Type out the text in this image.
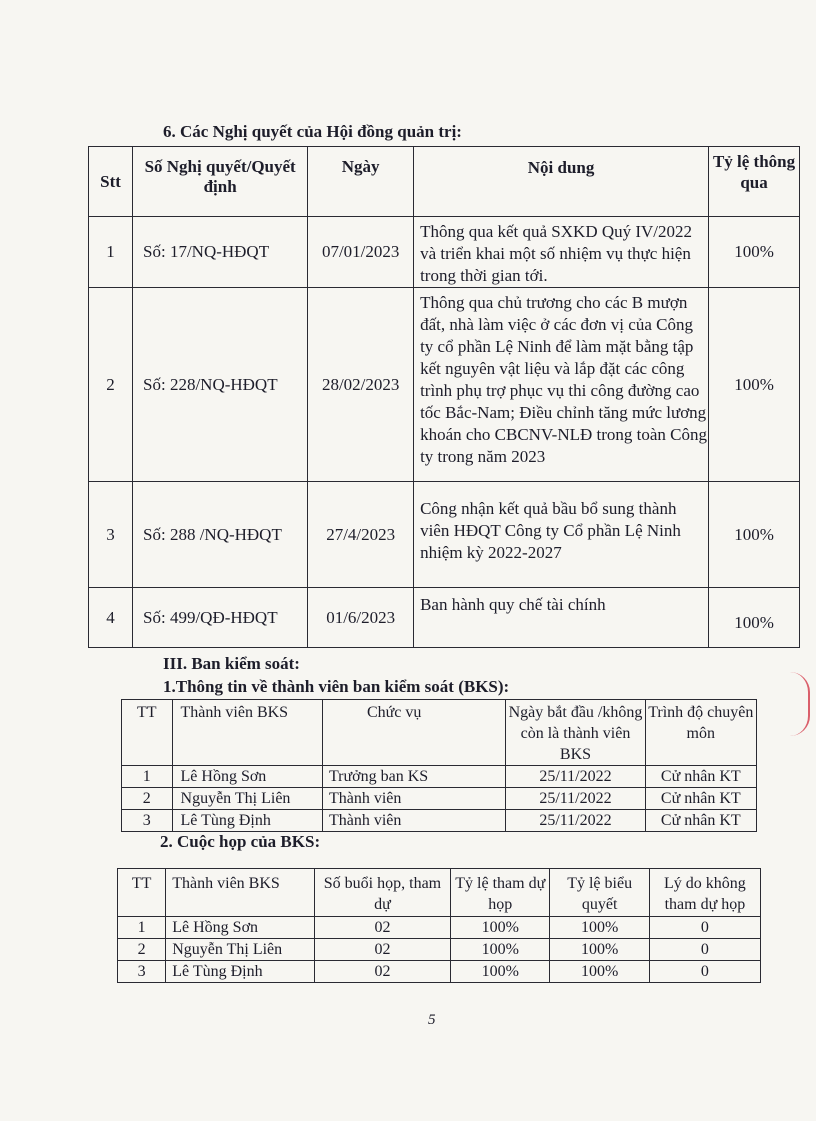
6. Các Nghị quyết của Hội đồng quản trị:
Stt	Số Nghị quyết/Quyết định	Ngày	Nội dung	Tỷ lệ thông qua
1	Số: 17/NQ-HĐQT	07/01/2023	Thông qua kết quả SXKD Quý IV/2022 và triển khai một số nhiệm vụ thực hiện trong thời gian tới.	100%
2	Số: 228/NQ-HĐQT	28/02/2023	Thông qua chủ trương cho các B mượn đất, nhà làm việc ở các đơn vị của Công ty cổ phần Lệ Ninh để làm mặt bằng tập kết nguyên vật liệu và lắp đặt các công trình phụ trợ phục vụ thi công đường cao tốc Bắc-Nam; Điều chỉnh tăng mức lương khoán cho CBCNV-NLĐ trong toàn Công ty trong năm 2023	100%
3	Số: 288 /NQ-HĐQT	27/4/2023	Công nhận kết quả bầu bổ sung thành viên HĐQT Công ty Cổ phần Lệ Ninh nhiệm kỳ 2022-2027	100%
4	Số: 499/QĐ-HĐQT	01/6/2023	Ban hành quy chế tài chính	100%
III. Ban kiểm soát:
1.Thông tin về thành viên ban kiểm soát (BKS):
TT	Thành viên BKS	Chức vụ	Ngày bắt đầu /không còn là thành viên BKS	Trình độ chuyên môn
1	Lê Hồng Sơn	Trưởng ban KS	25/11/2022	Cử nhân KT
2	Nguyễn Thị Liên	Thành viên	25/11/2022	Cử nhân KT
3	Lê Tùng Định	Thành viên	25/11/2022	Cử nhân KT
2. Cuộc họp của BKS:
TT	Thành viên BKS	Số buổi họp, tham dự	Tỷ lệ tham dự họp	Tỷ lệ biểu quyết	Lý do không tham dự họp
1	Lê Hồng Sơn	02	100%	100%	0
2	Nguyễn Thị Liên	02	100%	100%	0
3	Lê Tùng Định	02	100%	100%	0
5
